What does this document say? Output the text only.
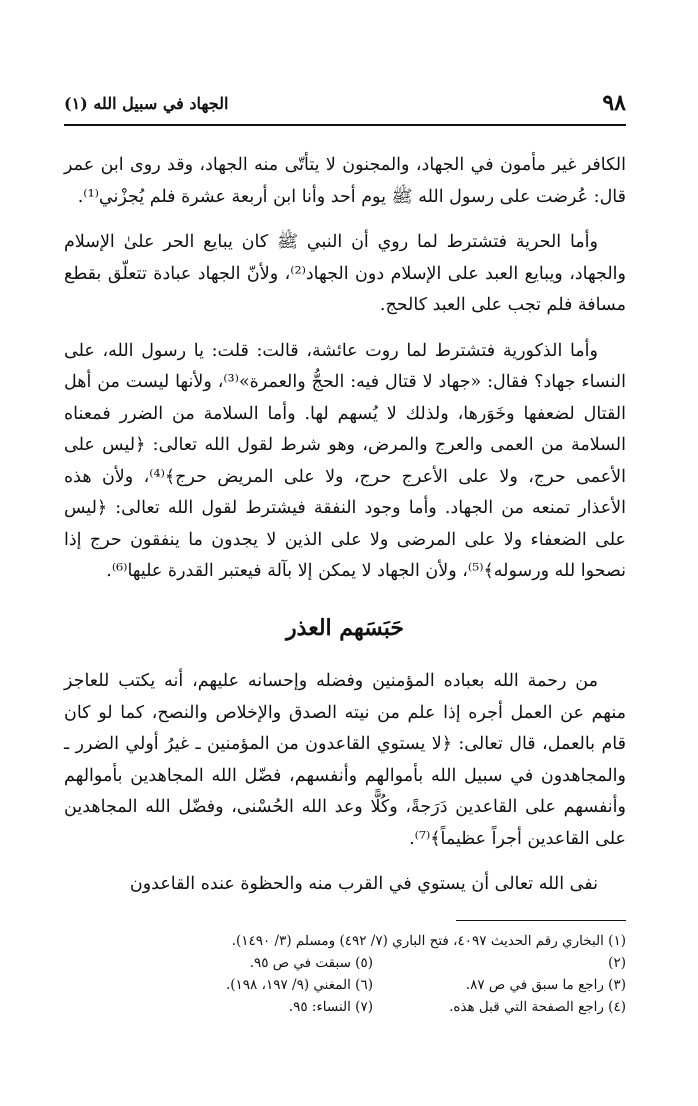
٩٨
الجهاد في سبيل الله (١)

الكافر غير مأمون في الجهاد، والمجنون لا يتأتّى منه الجهاد، وقد روى ابن عمر قال: عُرضت على رسول الله ﷺ يوم أحد وأنا ابن أربعة عشرة فلم يُجزْني⁽¹⁾.

وأما الحرية فتشترط لما روي أن النبي ﷺ كان يبايع الحر علىٰ الإسلام والجهاد، ويبايع العبد على الإسلام دون الجهاد⁽²⁾، ولأنّ الجهاد عبادة تتعلّق بقطع مسافة فلم تجب على العبد كالحج.

وأما الذكورية فتشترط لما روت عائشة، قالت: قلت: يا رسول الله، على النساء جهاد؟ فقال: «جهاد لا قتال فيه: الحجُّ والعمرة»⁽³⁾، ولأنها ليست من أهل القتال لضعفها وخَوَرها، ولذلك لا يُسهم لها. وأما السلامة من الضرر فمعناه السلامة من العمى والعرج والمرض، وهو شرط لقول الله تعالى: ﴿ليس على الأعمى حرج، ولا على الأعرج حرج، ولا على المريض حرج﴾⁽⁴⁾، ولأن هذه الأعذار تمنعه من الجهاد. وأما وجود النفقة فيشترط لقول الله تعالى: ﴿ليس على الضعفاء ولا على المرضى ولا على الذين لا يجدون ما ينفقون حرج إذا نصحوا لله ورسوله﴾⁽⁵⁾، ولأن الجهاد لا يمكن إلا بآلة فيعتبر القدرة عليها⁽⁶⁾.

حَبَسَهم العذر

من رحمة الله بعباده المؤمنين وفضله وإحسانه عليهم، أنه يكتب للعاجز منهم عن العمل أجره إذا علم من نيته الصدق والإخلاص والنصح، كما لو كان قام بالعمل، قال تعالى: ﴿لا يستوي القاعدون من المؤمنين ـ غيرُ أولي الضرر ـ والمجاهدون في سبيل الله بأموالهم وأنفسهم، فضّل الله المجاهدين بأموالهم وأنفسهم على القاعدين دَرَجةً، وكُلًّا وعد الله الحُسْنى، وفضّل الله المجاهدين على القاعدين أجراً عظيماً﴾⁽⁷⁾.

نفى الله تعالى أن يستوي في القرب منه والحظوة عنده القاعدون

(١) البخاري رقم الحديث ٤٠٩٧، فتح الباري (٧/ ٤٩٢) ومسلم (٣/ ١٤٩٠).
(٢)
(٥) سبقت في ص ٩٥.
(٣) راجع ما سبق في ص ٨٧.
(٦) المغني (٩/ ١٩٧، ١٩٨).
(٤) راجع الصفحة التي قبل هذه.
(٧) النساء: ٩٥.
